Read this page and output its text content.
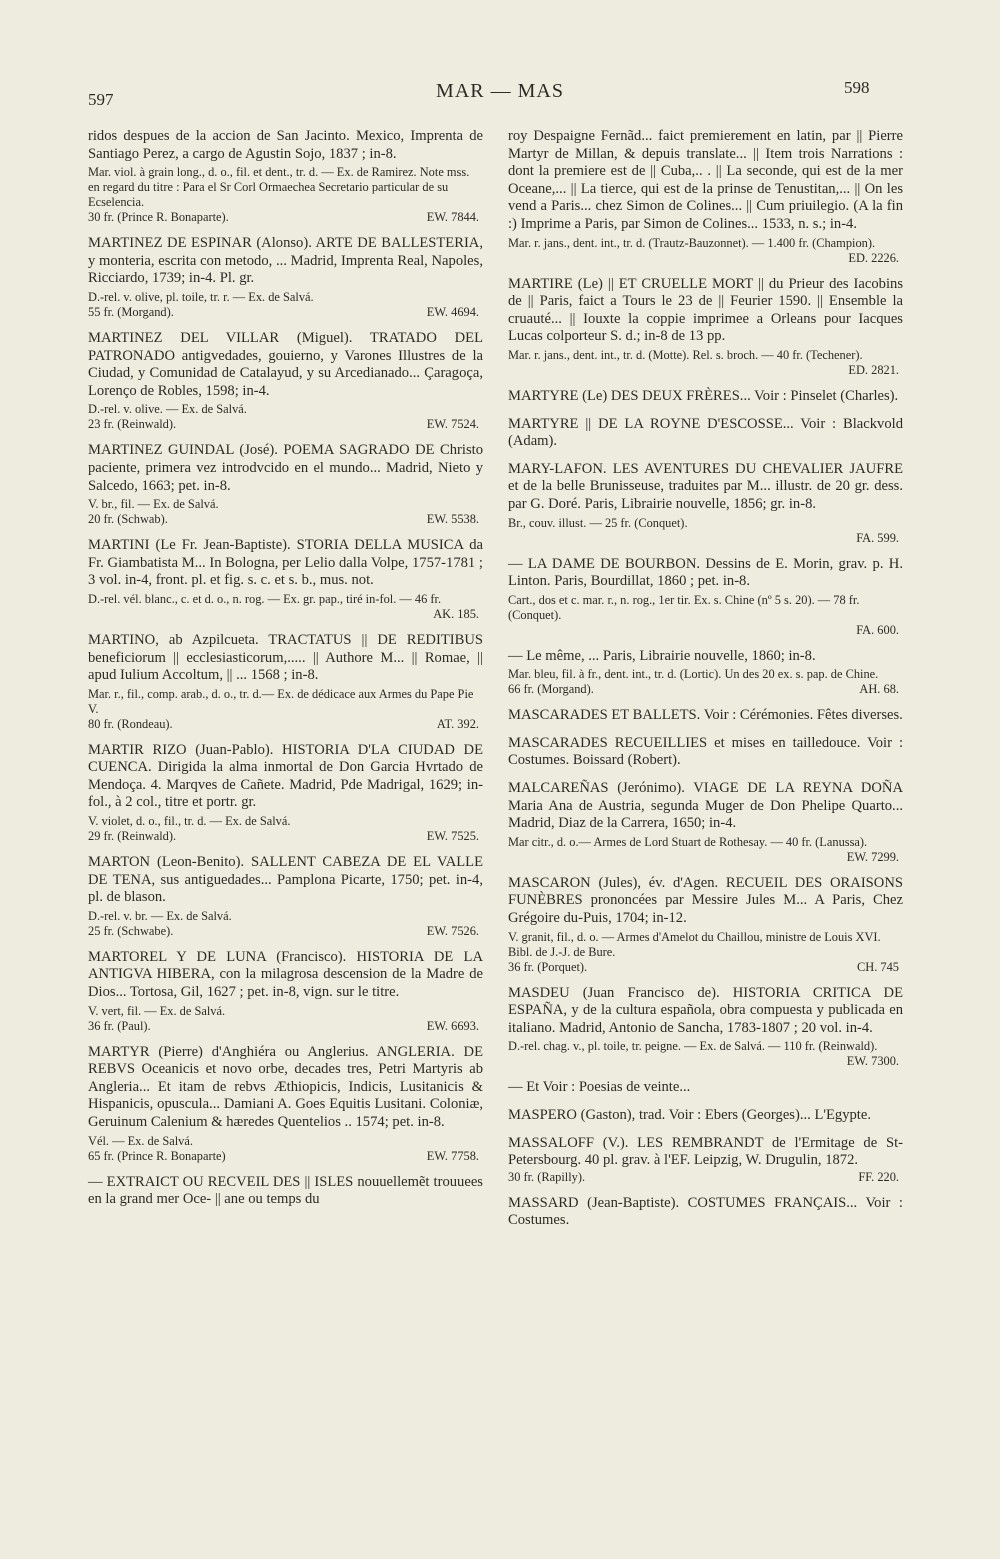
597	MAR — MAS	598
ridos despues de la accion de San Jacinto. Mexico, Imprenta de Santiago Perez, a cargo de Agustin Sojo, 1837 ; in-8.
Mar. viol. à grain long., d. o., fil. et dent., tr. d. — Ex. de Ramirez. Note mss. en regard du titre : Para el Sr Corl Ormaechea Secretario particular de su Ecselencia.
30 fr. (Prince R. Bonaparte).	EW. 7844.
MARTINEZ DE ESPINAR (Alonso). ARTE DE BALLESTERIA, y monteria, escrita con metodo, ... Madrid, Imprenta Real, Napoles, Ricciardo, 1739; in-4. Pl. gr.
D.-rel. v. olive, pl. toile, tr. r. — Ex. de Salvá.
55 fr. (Morgand).	EW. 4694.
MARTINEZ DEL VILLAR (Miguel). TRATADO DEL PATRONADO antigvedades, gouierno, y Varones Illustres de la Ciudad, y Comunidad de Catalayud, y su Arcedianado... Çaragoça, Lorenço de Robles, 1598; in-4.
D.-rel. v. olive. — Ex. de Salvá.
23 fr. (Reinwald).	EW. 7524.
MARTINEZ GUINDAL (José). POEMA SAGRADO DE Christo paciente, primera vez introdvcido en el mundo... Madrid, Nieto y Salcedo, 1663; pet. in-8.
V. br., fil. — Ex. de Salvá.
20 fr. (Schwab).	EW. 5538.
MARTINI (Le Fr. Jean-Baptiste). STORIA DELLA MUSICA da Fr. Giambatista M... In Bologna, per Lelio dalla Volpe, 1757-1781 ; 3 vol. in-4, front. pl. et fig. s. c. et s. b., mus. not.
D.-rel. vél. blanc., c. et d. o., n. rog. — Ex. gr. pap., tiré in-fol. — 46 fr.
AK. 185.
MARTINO, ab Azpilcueta. TRACTATUS || DE REDITIBUS beneficiorum || ecclesiasticorum,..... || Authore M... || Romae, || apud Iulium Accoltum, || ... 1568 ; in-8.
Mar. r., fil., comp. arab., d. o., tr. d.— Ex. de dédicace aux Armes du Pape Pie V.
80 fr. (Rondeau).	AT. 392.
MARTIR RIZO (Juan-Pablo). HISTORIA D'LA CIUDAD DE CUENCA. Dirigida la alma inmortal de Don Garcia Hvrtado de Mendoça. 4. Marqves de Cañete. Madrid, Pde Madrigal, 1629; in-fol., à 2 col., titre et portr. gr.
V. violet, d. o., fil., tr. d. — Ex. de Salvá.
29 fr. (Reinwald).	EW. 7525.
MARTON (Leon-Benito). SALLENT CABEZA DE EL VALLE DE TENA, sus antiguedades... Pamplona Picarte, 1750; pet. in-4, pl. de blason.
D.-rel. v. br. — Ex. de Salvá.
25 fr. (Schwabe).	EW. 7526.
MARTOREL Y DE LUNA (Francisco). HISTORIA DE LA ANTIGVA HIBERA, con la milagrosa descension de la Madre de Dios... Tortosa, Gil, 1627 ; pet. in-8, vign. sur le titre.
V. vert, fil. — Ex. de Salvá.
36 fr. (Paul).	EW. 6693.
MARTYR (Pierre) d'Anghiéra ou Anglerius. ANGLERIA. DE REBVS Oceanicis et novo orbe, decades tres, Petri Martyris ab Angleria... Et itam de rebvs Æthiopicis, Indicis, Lusitanicis & Hispanicis, opuscula... Damiani A. Goes Equitis Lusitani. Coloniæ, Geruinum Calenium & hæredes Quentelios .. 1574; pet. in-8.
Vél. — Ex. de Salvá.
65 fr. (Prince R. Bonaparte)	EW. 7758.
— EXTRAICT OU RECVEIL DES || ISLES nouuellemẽt trouuees en la grand mer Oce- || ane ou temps du
roy Despaigne Fernãd... faict premierement en latin, par || Pierre Martyr de Millan, & depuis translate... || Item trois Narrations : dont la premiere est de || Cuba,.. . || La seconde, qui est de la mer Oceane,... || La tierce, qui est de la prinse de Tenustitan,... || On les vend a Paris... chez Simon de Colines... || Cum priuilegio. (A la fin :) Imprime a Paris, par Simon de Colines... 1533, n. s.; in-4.
Mar. r. jans., dent. int., tr. d. (Trautz-Bauzonnet). — 1.400 fr. (Champion).
ED. 2226.
MARTIRE (Le) || ET CRUELLE MORT || du Prieur des Iacobins de || Paris, faict a Tours le 23 de || Feurier 1590. || Ensemble la cruauté... || Iouxte la coppie imprimee a Orleans pour Iacques Lucas colporteur S. d.; in-8 de 13 pp.
Mar. r. jans., dent. int., tr. d. (Motte). Rel. s. broch. — 40 fr. (Techener).
ED. 2821.
MARTYRE (Le) DES DEUX FRÈRES... Voir : Pinselet (Charles).
MARTYRE || DE LA ROYNE D'ESCOSSE... Voir : Blackvold (Adam).
MARY-LAFON. LES AVENTURES DU CHEVALIER JAUFRE et de la belle Brunisseuse, traduites par M... illustr. de 20 gr. dess. par G. Doré. Paris, Librairie nouvelle, 1856; gr. in-8.
Br., couv. illust. — 25 fr. (Conquet).
FA. 599.
— LA DAME DE BOURBON. Dessins de E. Morin, grav. p. H. Linton. Paris, Bourdillat, 1860 ; pet. in-8.
Cart., dos et c. mar. r., n. rog., 1er tir. Ex. s. Chine (nº 5 s. 20). — 78 fr. (Conquet).
FA. 600.
— Le même, ... Paris, Librairie nouvelle, 1860; in-8.
Mar. bleu, fil. à fr., dent. int., tr. d. (Lortic). Un des 20 ex. s. pap. de Chine.
66 fr. (Morgand).	AH. 68.
MASCARADES ET BALLETS. Voir : Cérémonies. Fêtes diverses.
MASCARADES RECUEILLIES et mises en tailledouce. Voir : Costumes. Boissard (Robert).
MALCAREÑAS (Jerónimo). VIAGE DE LA REYNA DOÑA Maria Ana de Austria, segunda Muger de Don Phelipe Quarto... Madrid, Diaz de la Carrera, 1650; in-4.
Mar citr., d. o.— Armes de Lord Stuart de Rothesay. — 40 fr. (Lanussa).
EW. 7299.
MASCARON (Jules), év. d'Agen. RECUEIL DES ORAISONS FUNÈBRES prononcées par Messire Jules M... A Paris, Chez Grégoire du-Puis, 1704; in-12.
V. granit, fil., d. o. — Armes d'Amelot du Chaillou, ministre de Louis XVI. Bibl. de J.-J. de Bure.
36 fr. (Porquet).	CH. 745
MASDEU (Juan Francisco de). HISTORIA CRITICA DE ESPAÑA, y de la cultura española, obra compuesta y publicada en italiano. Madrid, Antonio de Sancha, 1783-1807 ; 20 vol. in-4.
D.-rel. chag. v., pl. toile, tr. peigne. — Ex. de Salvá. — 110 fr. (Reinwald).
EW. 7300.
— Et Voir : Poesias de veinte...
MASPERO (Gaston), trad. Voir : Ebers (Georges)... L'Egypte.
MASSALOFF (V.). LES REMBRANDT de l'Ermitage de St-Petersbourg. 40 pl. grav. à l'EF. Leipzig, W. Drugulin, 1872.
30 fr. (Rapilly).	FF. 220.
MASSARD (Jean-Baptiste). COSTUMES FRANÇAIS... Voir : Costumes.
